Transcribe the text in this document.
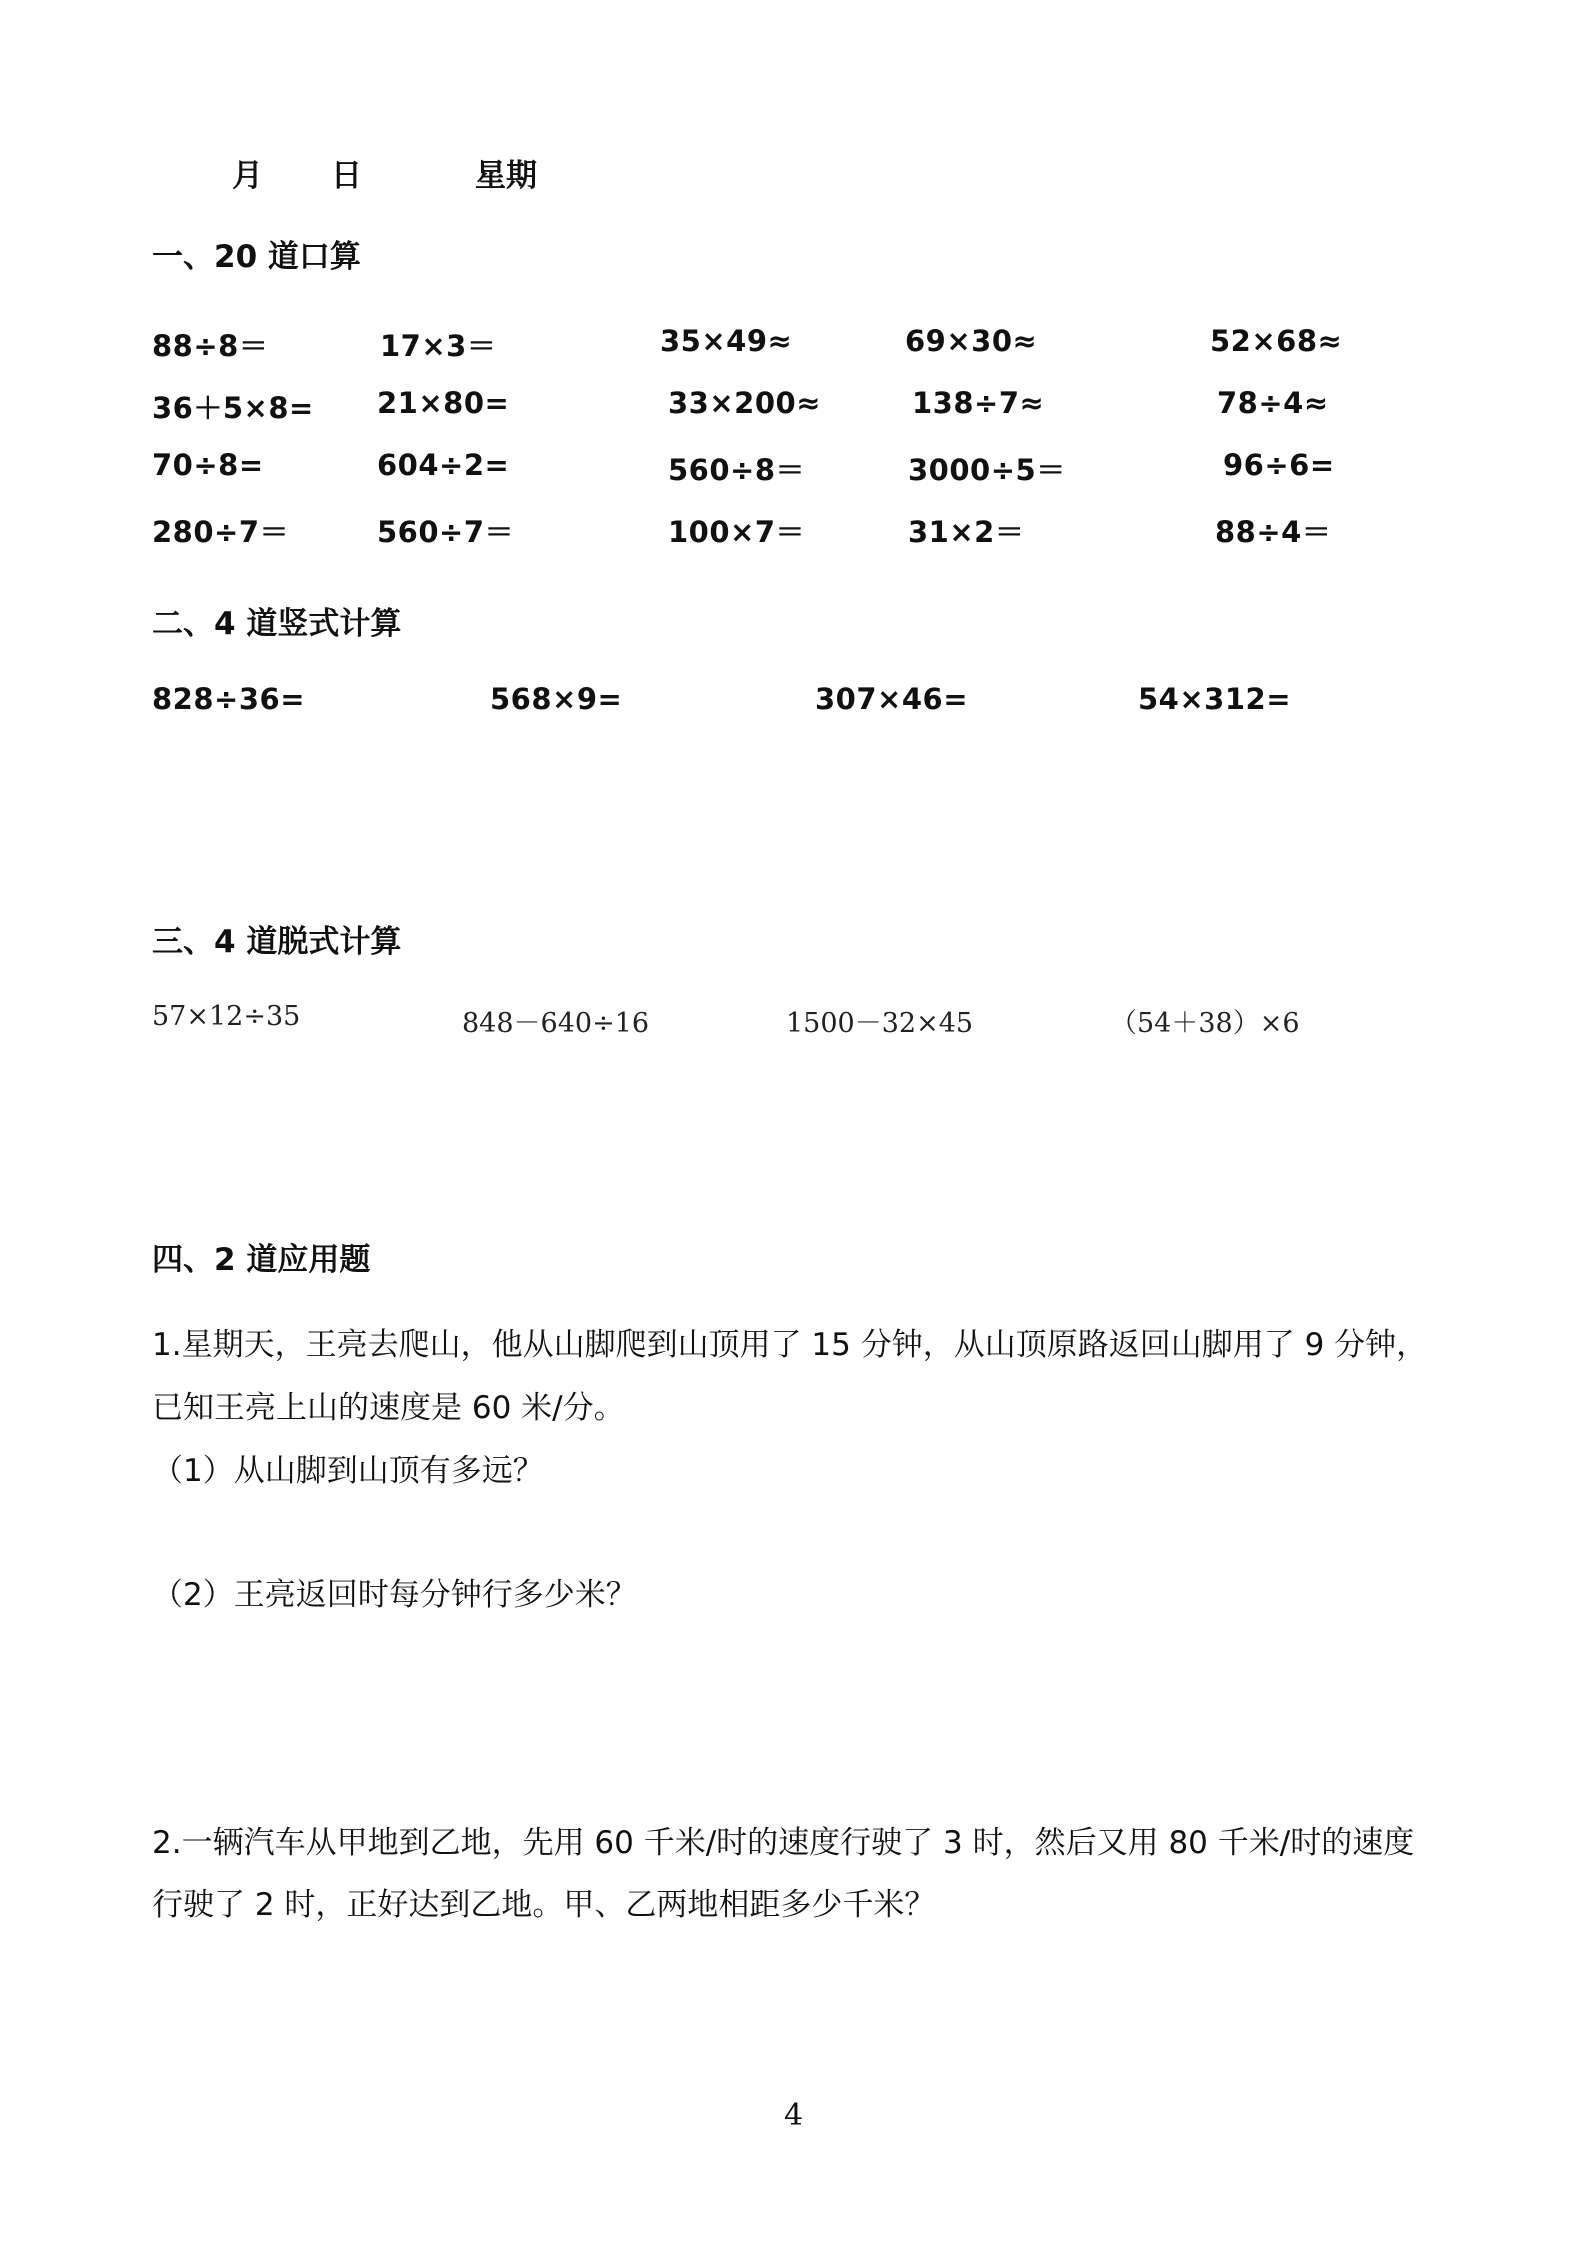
月 日	星期
一、20 道口算
88÷8＝	17×3＝	35×49≈	69×30≈	52×68≈
36＋5×8= 21×80=	33×200≈	138÷7≈	78÷4≈
70÷8=	604÷2=	560÷8＝	3000÷5＝	96÷6=
280÷7＝	560÷7＝	100×7＝	31×2＝	88÷4＝
二、4 道竖式计算
828÷36=	568×9=	307×46=	54×312=
三、4 道脱式计算
57×12÷35	848－640÷16	1500－32×45	（54＋38）×6
四、2 道应用题
1.星期天，王亮去爬山，他从山脚爬到山顶用了 15 分钟，从山顶原路返回山脚用了 9 分钟，
已知王亮上山的速度是 60 米/分。
（1）从山脚到山顶有多远？
（2）王亮返回时每分钟行多少米？
2.一辆汽车从甲地到乙地，先用 60 千米/时的速度行驶了 3 时，然后又用 80 千米/时的速度
行驶了 2 时，正好达到乙地。甲、乙两地相距多少千米？
4
